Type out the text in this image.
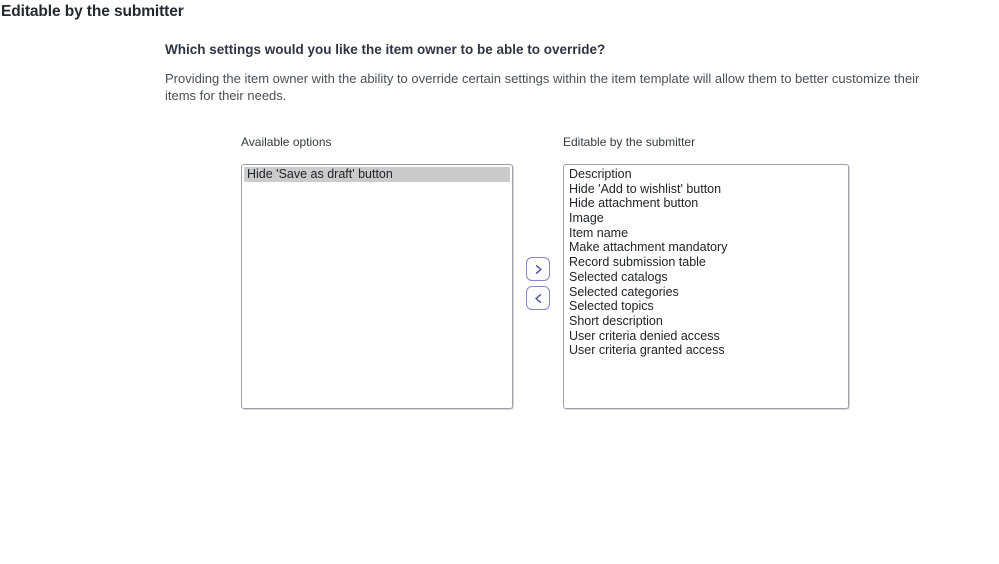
Editable by the submitter

Which settings would you like the item owner to be able to override?

Providing the item owner with the ability to override certain settings within the item template will allow them to better customize their items for their needs.

Available options	Editable by the submitter
Hide 'Save as draft' button	Description
Hide 'Add to wishlist' button
Hide attachment button
Image
Item name
Make attachment mandatory
Record submission table
Selected catalogs
Selected categories
Selected topics
Short description
User criteria denied access
User criteria granted access
